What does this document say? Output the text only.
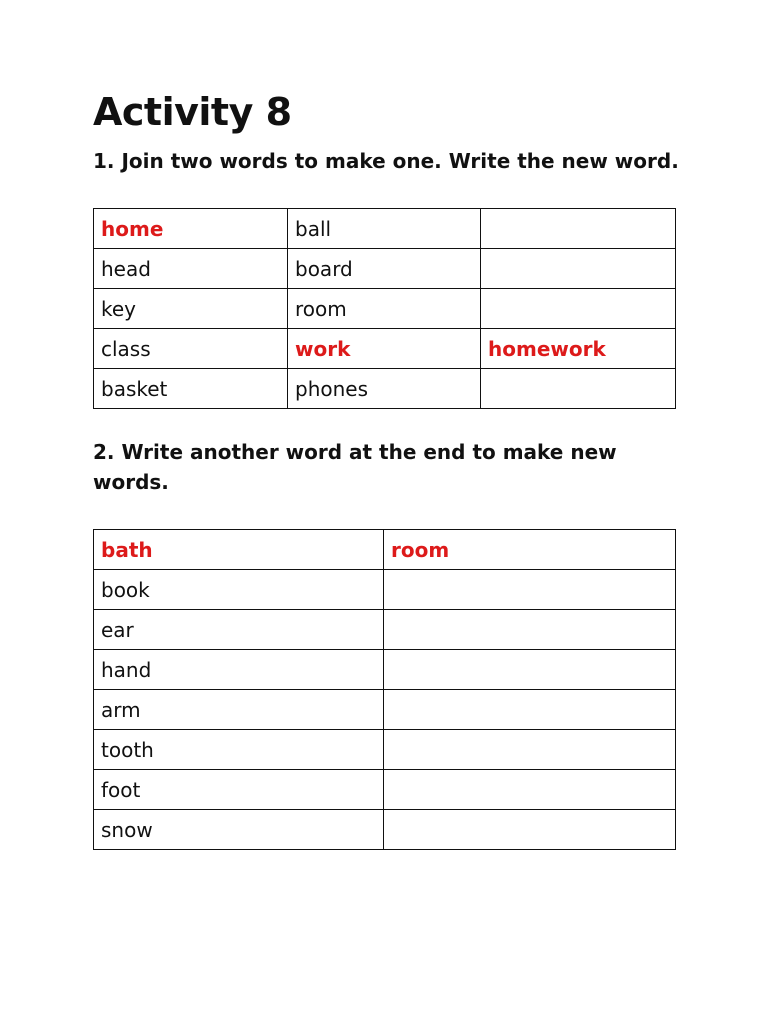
Activity 8

1. Join two words to make one. Write the new word.

home	ball	
head	board	
key	room	
class	work	homework
basket	phones	

2. Write another word at the end to make new words.

bath	room
book	
ear	
hand	
arm	
tooth	
foot	
snow	
